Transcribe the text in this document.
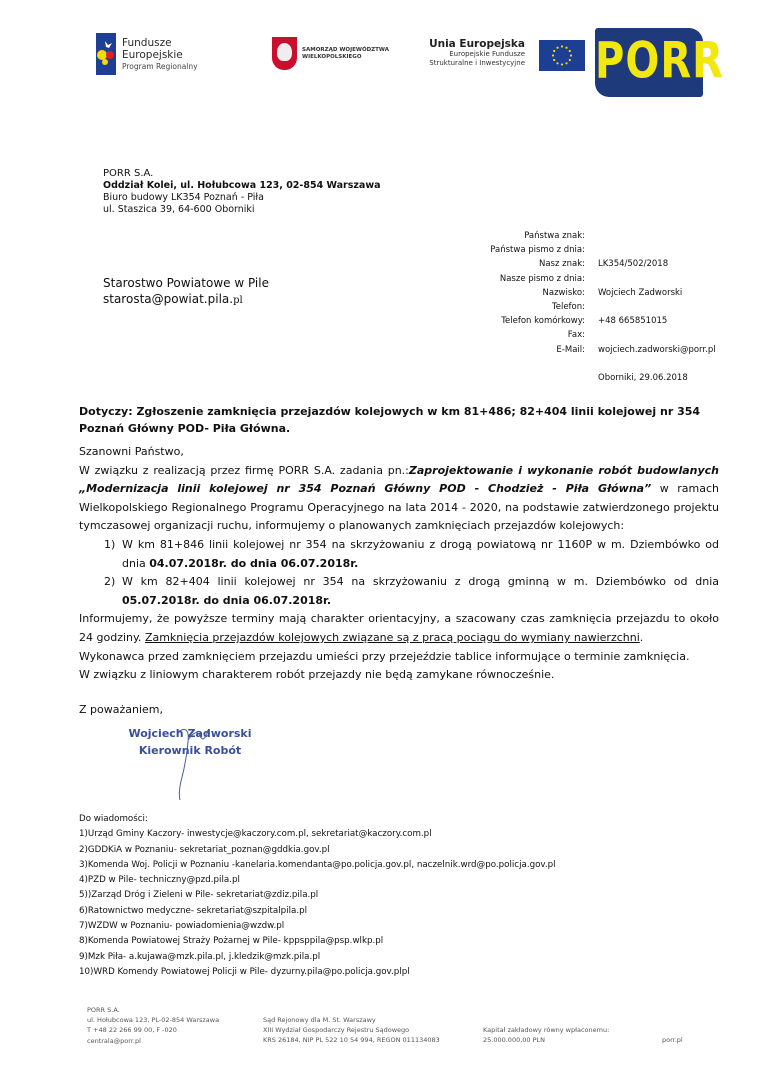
Fundusze
Europejskie
Program Regionalny
SAMORZĄD WOJEWÓDZTWA
WIELKOPOLSKIEGO
Unia Europejska
Europejskie Fundusze
Strukturalne i Inwestycyjne PORR
PORR S.A.
Oddział Kolei, ul. Hołubcowa 123, 02-854 Warszawa
Biuro budowy LK354 Poznań - Piła
ul. Staszica 39, 64-600 Oborniki
Starostwo Powiatowe w Pile
starosta@powiat.pila.pl
Państwa znak:
Państwa pismo z dnia:
Nasz znak: LK354/502/2018
Nasze pismo z dnia:
Nazwisko: Wojciech Zadworski
Telefon:
Telefon komórkowy: +48 665851015
Fax:
E-Mail: wojciech.zadworski@porr.pl
Oborniki, 29.06.2018
Dotyczy: Zgłoszenie zamknięcia przejazdów kolejowych w km 81+486; 82+404 linii kolejowej nr 354 Poznań Główny POD- Piła Główna.

Szanowni Państwo,

W związku z realizacją przez firmę PORR S.A. zadania pn.:Zaprojektowanie i wykonanie robót budowlanych „Modernizacja linii kolejowej nr 354 Poznań Główny POD - Chodzież - Piła Główna” w ramach Wielkopolskiego Regionalnego Programu Operacyjnego na lata 2014 - 2020, na podstawie zatwierdzonego projektu tymczasowej organizacji ruchu, informujemy o planowanych zamknięciach przejazdów kolejowych:

1) W km 81+846 linii kolejowej nr 354 na skrzyżowaniu z drogą powiatową nr 1160P w m. Dziembówko od dnia 04.07.2018r. do dnia 06.07.2018r.
2) W km 82+404 linii kolejowej nr 354 na skrzyżowaniu z drogą gminną w m. Dziembówko od dnia 05.07.2018r. do dnia 06.07.2018r.

Informujemy, że powyższe terminy mają charakter orientacyjny, a szacowany czas zamknięcia przejazdu to około 24 godziny. Zamknięcia przejazdów kolejowych związane są z pracą pociągu do wymiany nawierzchni.

Wykonawca przed zamknięciem przejazdu umieści przy przejeździe tablice informujące o terminie zamknięcia.

W związku z liniowym charakterem robót przejazdy nie będą zamykane równocześnie.

Z poważaniem,
Wojciech Zadworski
Kierownik Robót
Do wiadomości:
1)Urząd Gminy Kaczory- inwestycje@kaczory.com.pl, sekretariat@kaczory.com.pl
2)GDDKiA w Poznaniu- sekretariat_poznan@gddkia.gov.pl
3)Komenda Woj. Policji w Poznaniu -kanelaria.komendanta@po.policja.gov.pl, naczelnik.wrd@po.policja.gov.pl
4)PZD w Pile- techniczny@pzd.pila.pl
5))Zarząd Dróg i Zieleni w Pile- sekretariat@zdiz.pila.pl
6)Ratownictwo medyczne- sekretariat@szpitalpila.pl
7)WZDW w Poznaniu- powiadomienia@wzdw.pl
8)Komenda Powiatowej Straży Pożarnej w Pile- kppsppila@psp.wlkp.pl
9)Mzk Piła- a.kujawa@mzk.pila.pl, j.kledzik@mzk.pila.pl
10)WRD Komendy Powiatowej Policji w Pile- dyzurny.pila@po.policja.gov.plpl
PORR S.A.
ul. Hołubcowa 123, PL-02-854 Warszawa
T +48 22 266 99 00, F -020
centrala@porr.pl
Sąd Rejonowy dla M. St. Warszawy
XIII Wydział Gospodarczy Rejestru Sądowego
KRS 26184, NIP PL 522 10 54 994, REGON 011134083
Kapitał zakładowy równy wpłaconemu:
25.000.000,00 PLN	porr.pl
